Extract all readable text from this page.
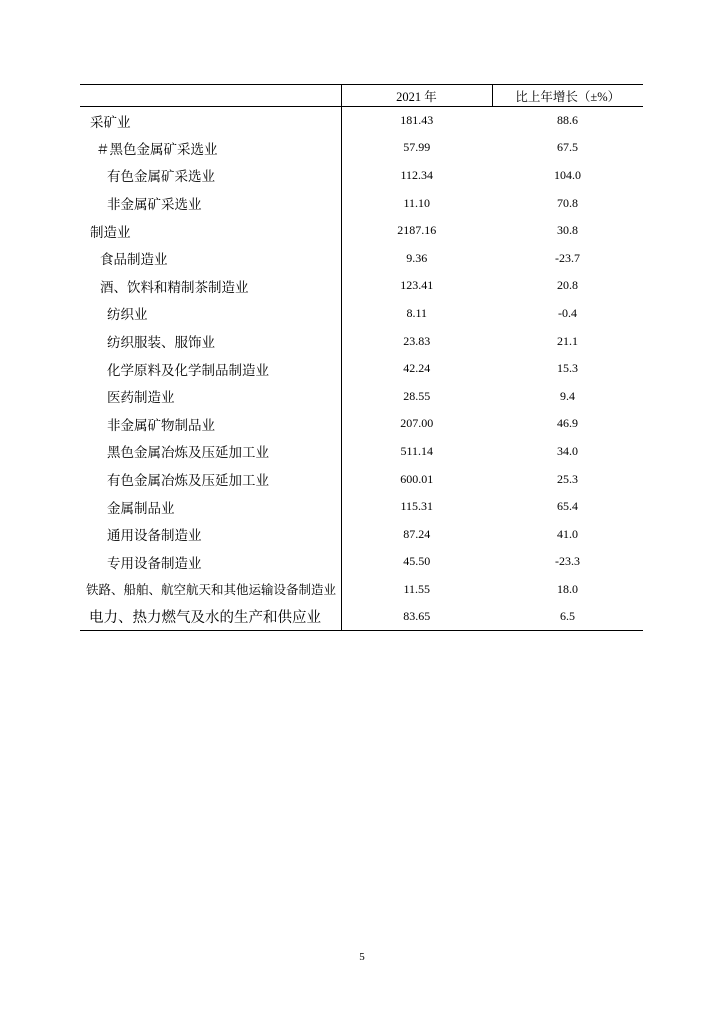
	2021 年	比上年增长（±%）
采矿业	181.43	88.6
＃黑色金属矿采选业	57.99	67.5
有色金属矿采选业	112.34	104.0
非金属矿采选业	11.10	70.8
制造业	2187.16	30.8
食品制造业	9.36	-23.7
酒、饮料和精制茶制造业	123.41	20.8
纺织业	8.11	-0.4
纺织服装、服饰业	23.83	21.1
化学原料及化学制品制造业	42.24	15.3
医药制造业	28.55	9.4
非金属矿物制品业	207.00	46.9
黑色金属冶炼及压延加工业	511.14	34.0
有色金属冶炼及压延加工业	600.01	25.3
金属制品业	115.31	65.4
通用设备制造业	87.24	41.0
专用设备制造业	45.50	-23.3
铁路、船舶、航空航天和其他运输设备制造业	11.55	18.0
电力、热力燃气及水的生产和供应业	83.65	6.5
5
